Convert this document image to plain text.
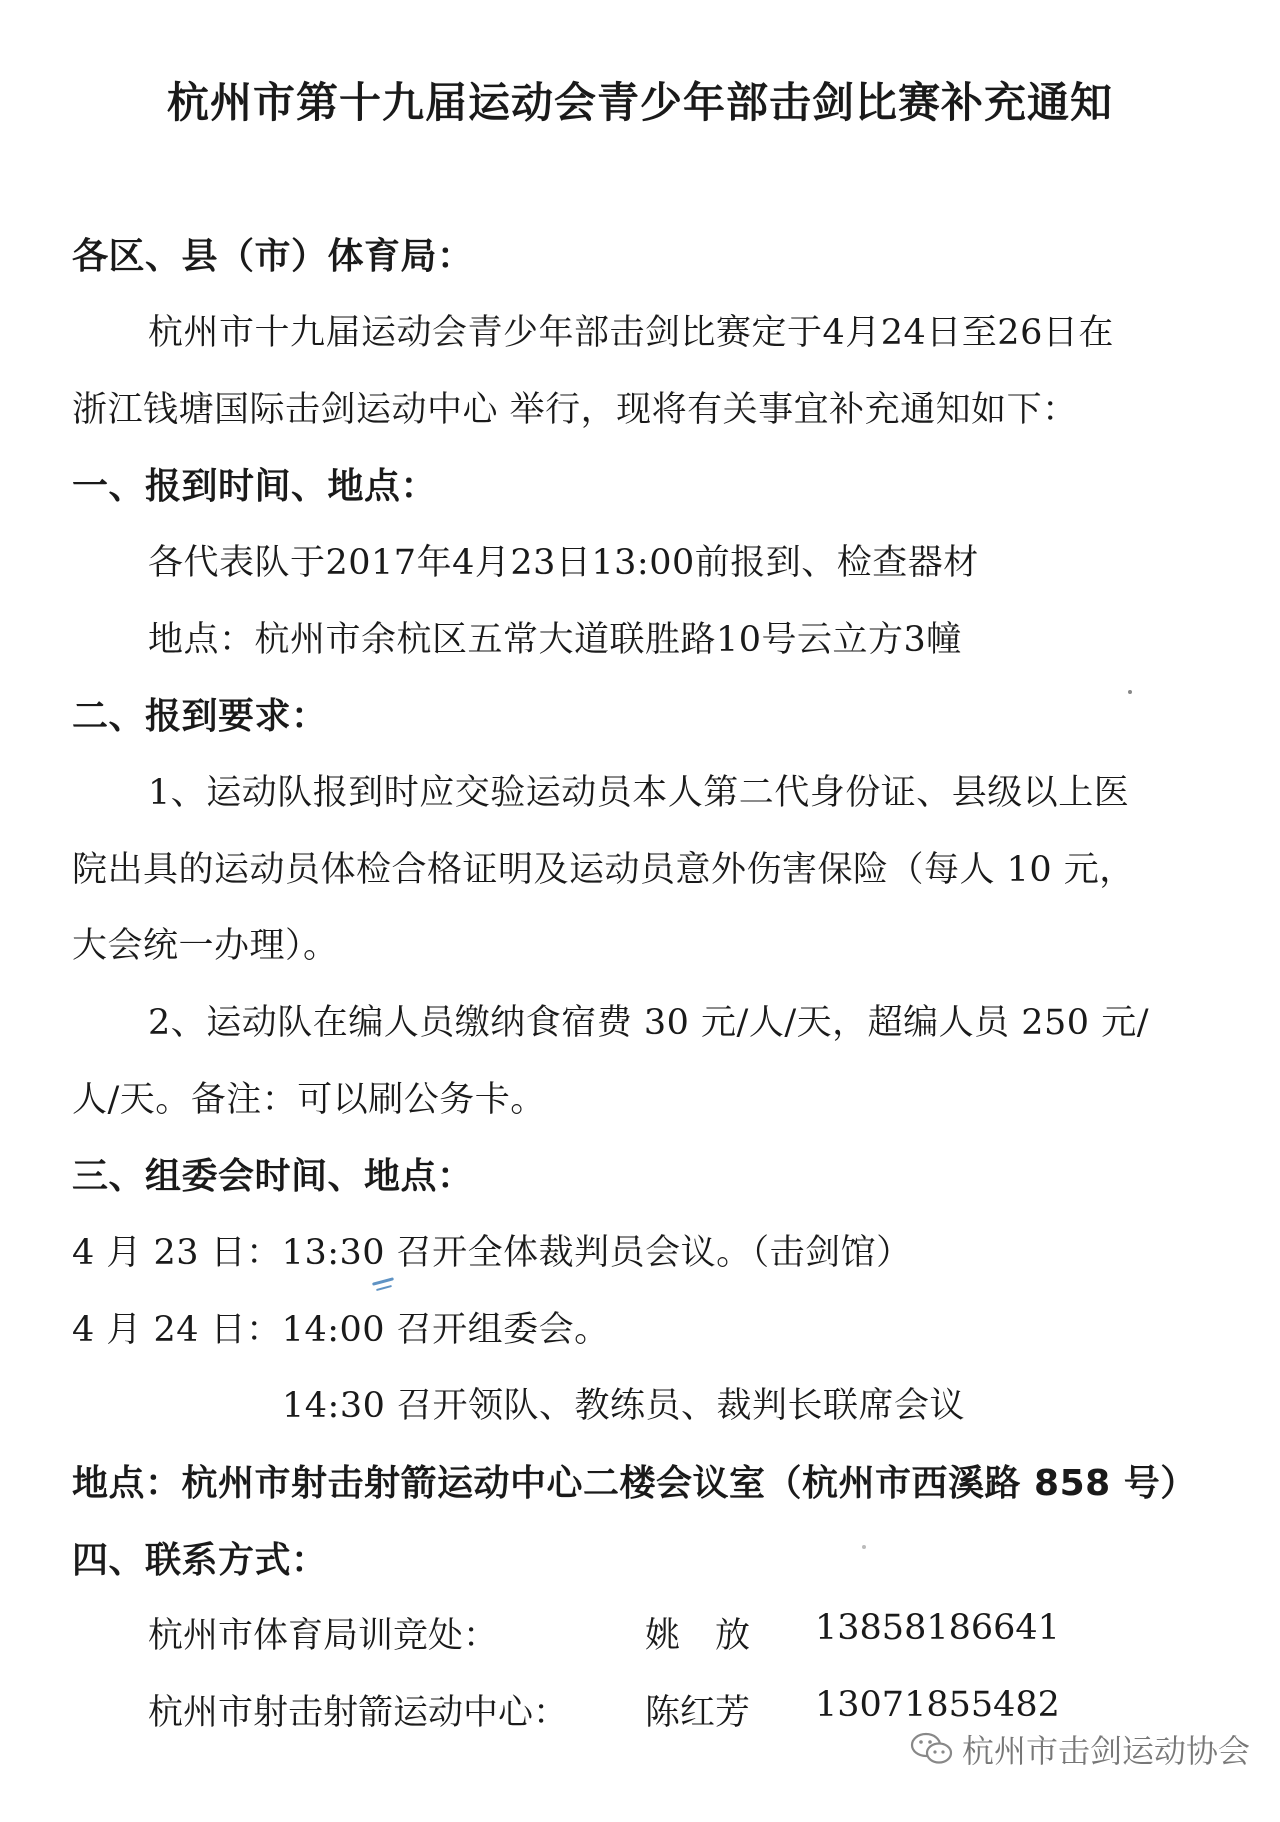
杭州市第十九届运动会青少年部击剑比赛补充通知
各区、县（市）体育局：
杭州市十九届运动会青少年部击剑比赛定于4月24日至26日在
浙江钱塘国际击剑运动中心 举行，现将有关事宜补充通知如下：
一、报到时间、地点：
各代表队于2017年4月23日13:00前报到、检查器材
地点：杭州市余杭区五常大道联胜路10号云立方3幢
二、报到要求：
1、运动队报到时应交验运动员本人第二代身份证、县级以上医
院出具的运动员体检合格证明及运动员意外伤害保险（每人 10 元，
大会统一办理）。
2、运动队在编人员缴纳食宿费 30 元/人/天，超编人员 250 元/
人/天。备注：可以刷公务卡。
三、组委会时间、地点：
4 月 23 日：13:30 召开全体裁判员会议。（击剑馆）
4 月 24 日：14:00 召开组委会。
14:30 召开领队、教练员、裁判长联席会议
地点：杭州市射击射箭运动中心二楼会议室（杭州市西溪路 858 号）
四、联系方式：
杭州市体育局训竞处：	姚　放 13858186641
杭州市射击射箭运动中心： 陈红芳 13071855482
杭州市击剑运动协会
